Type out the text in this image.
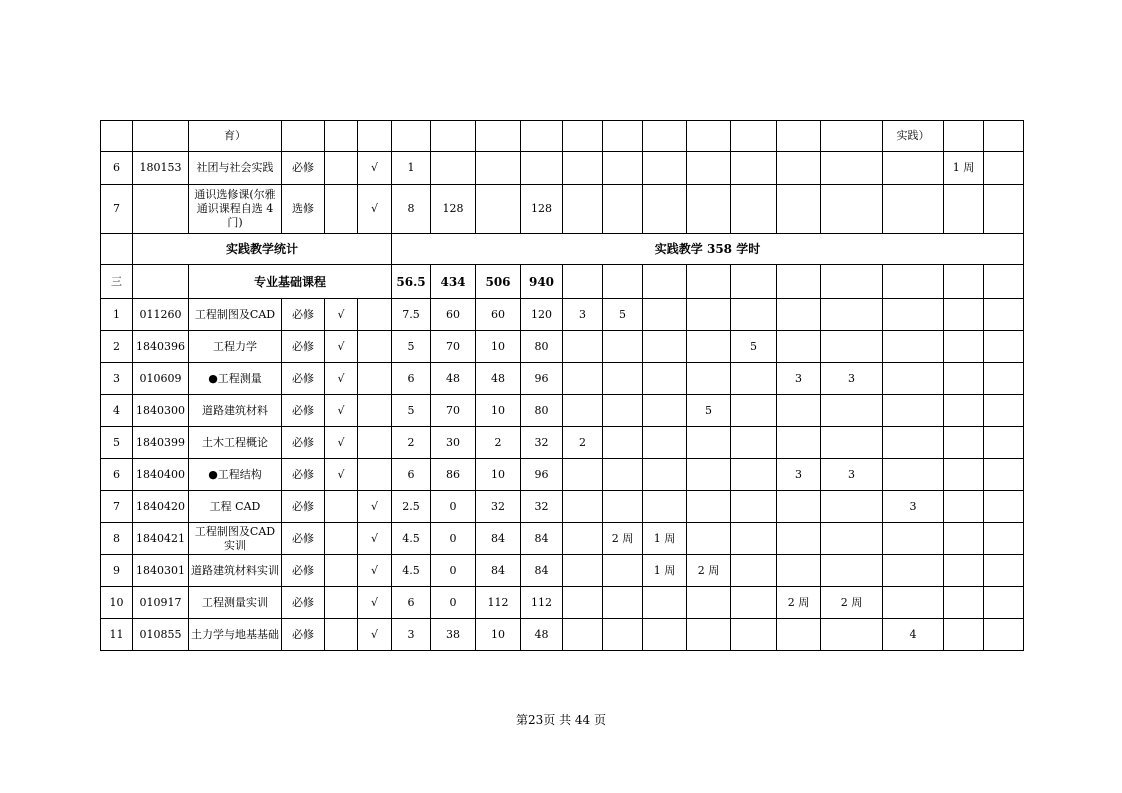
		育）															实践）			
6	180153	社团与社会实践	必修		√	1												1 周		
7		通识选修课(尔雅通识课程自选 4 门)	选修		√	8	128		128											
	实践教学统计					实践教学 358 学时														
三		专业基础课程				56.5	434	506	940											
1	011260	工程制图及CAD	必修	√		7.5	60	60	120	3	5									
2	1840396	工程力学	必修	√		5	70	10	80					5						
3	010609	●工程测量	必修	√		6	48	48	96						3	3				
4	1840300	道路建筑材料	必修	√		5	70	10	80				5							
5	1840399	土木工程概论	必修	√		2	30	2	32	2										
6	1840400	●工程结构	必修	√		6	86	10	96						3	3				
7	1840420	工程 CAD	必修		√	2.5	0	32	32								3			
8	1840421	工程制图及CAD 实训	必修		√	4.5	0	84	84		2 周	1 周								
9	1840301	道路建筑材料实训	必修		√	4.5	0	84	84			1 周	2 周							
10	010917	工程测量实训	必修		√	6	0	112	112						2 周	2 周				
11	010855	土力学与地基基础	必修		√	3	38	10	48								4			
第23页 共 44 页
